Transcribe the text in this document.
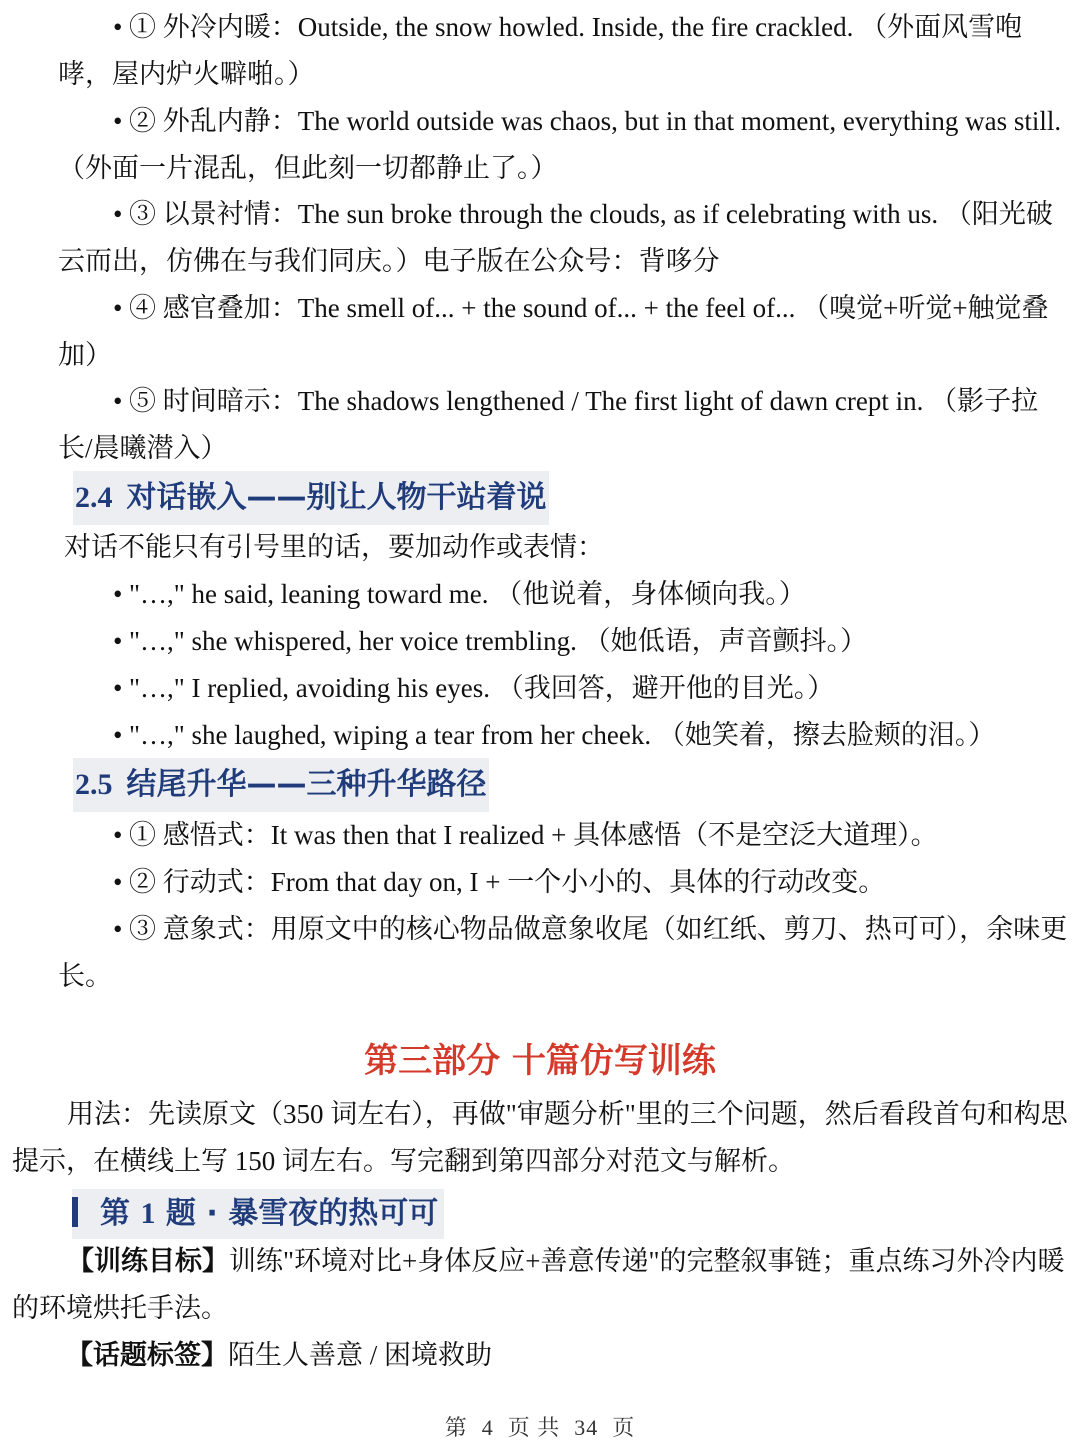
• ① 外冷内暖：Outside, the snow howled. Inside, the fire crackled. （外面风雪咆哮，屋内炉火噼啪。）
• ② 外乱内静：The world outside was chaos, but in that moment, everything was still. （外面一片混乱，但此刻一切都静止了。）
• ③ 以景衬情：The sun broke through the clouds, as if celebrating with us. （阳光破云而出，仿佛在与我们同庆。）电子版在公众号：背哆分
• ④ 感官叠加：The smell of... + the sound of... + the feel of... （嗅觉+听觉+触觉叠加）
• ⑤ 时间暗示：The shadows lengthened / The first light of dawn crept in. （影子拉长/晨曦潜入）
2.4 对话嵌入——别让人物干站着说
对话不能只有引号里的话，要加动作或表情：
• "…," he said, leaning toward me. （他说着，身体倾向我。）
• "…," she whispered, her voice trembling. （她低语，声音颤抖。）
• "…," I replied, avoiding his eyes. （我回答，避开他的目光。）
• "…," she laughed, wiping a tear from her cheek. （她笑着，擦去脸颊的泪。）
2.5 结尾升华——三种升华路径
• ① 感悟式：It was then that I realized + 具体感悟（不是空泛大道理）。
• ② 行动式：From that day on, I + 一个小小的、具体的行动改变。
• ③ 意象式：用原文中的核心物品做意象收尾（如红纸、剪刀、热可可），余味更长。
第三部分 十篇仿写训练
用法：先读原文（350 词左右），再做"审题分析"里的三个问题，然后看段首句和构思提示，在横线上写 150 词左右。写完翻到第四部分对范文与解析。
第 1 题 · 暴雪夜的热可可
【训练目标】训练"环境对比+身体反应+善意传递"的完整叙事链；重点练习外冷内暖的环境烘托手法。
【话题标签】陌生人善意 / 困境救助
第 4 页 共 34 页
